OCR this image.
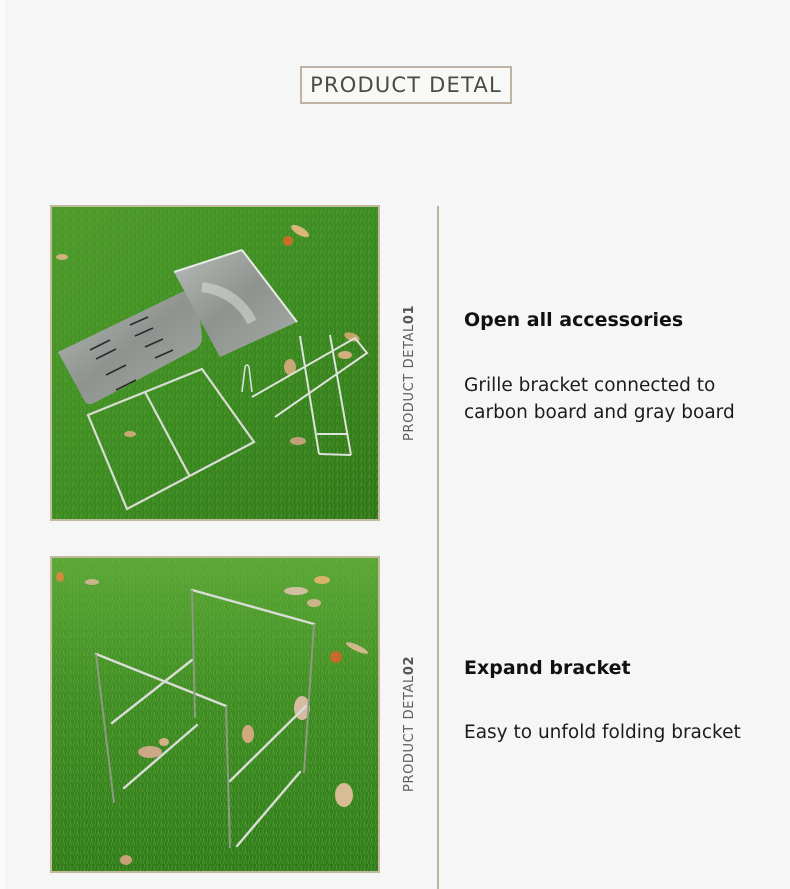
PRODUCT DETAL
PRODUCT DETAL01 Open all accessories
Grille bracket connected to carbon board and gray board
PRODUCT DETAL02 Expand bracket
Easy to unfold folding bracket
